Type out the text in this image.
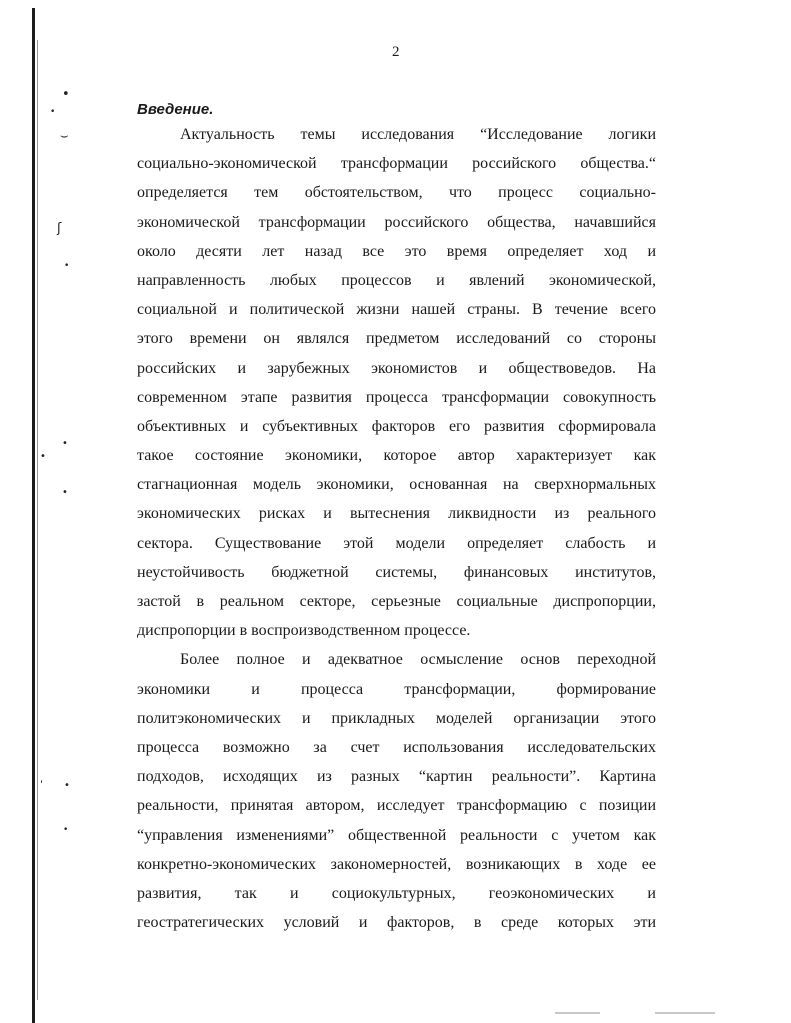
•
•
⌣
ʃ
•
•
•
•
ʹ •
•
2
Введение.
Актуальность темы исследования “Исследование логики
социально-экономической трансформации российского общества.“
определяется тем обстоятельством, что процесс социально-
экономической трансформации российского общества, начавшийся
около десяти лет назад все это время определяет ход и
направленность любых процессов и явлений экономической,
социальной и политической жизни нашей страны. В течение всего
этого времени он являлся предметом исследований со стороны
российских и зарубежных экономистов и обществоведов. На
современном этапе развития процесса трансформации совокупность
объективных и субъективных факторов его развития сформировала
такое состояние экономики, которое автор характеризует как
стагнационная модель экономики, основанная на сверхнормальных
экономических рисках и вытеснения ликвидности из реального
сектора. Существование этой модели определяет слабость и
неустойчивость бюджетной системы, финансовых институтов,
застой в реальном секторе, серьезные социальные диспропорции,
диспропорции в воспроизводственном процессе.
Более полное и адекватное осмысление основ переходной
экономики и процесса трансформации, формирование
политэкономических и прикладных моделей организации этого
процесса возможно за счет использования исследовательских
подходов, исходящих из разных “картин реальности”. Картина
реальности, принятая автором, исследует трансформацию с позиции
“управления изменениями” общественной реальности с учетом как
конкретно-экономических закономерностей, возникающих в ходе ее
развития, так и социокультурных, геоэкономических и
геостратегических условий и факторов, в среде которых эти
